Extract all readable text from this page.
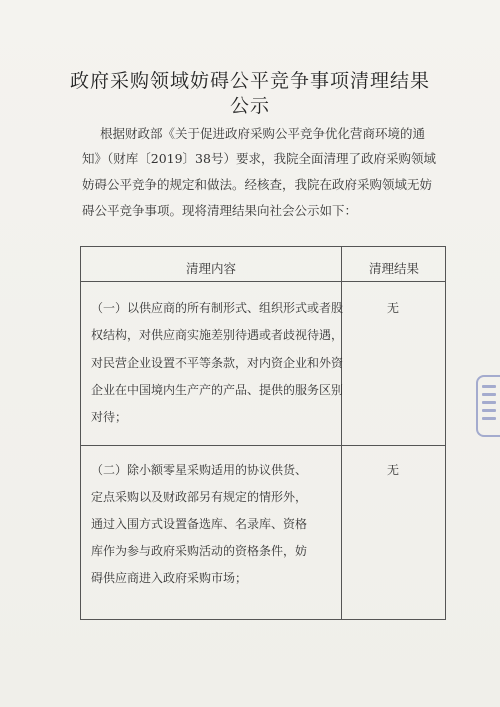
政府采购领域妨碍公平竞争事项清理结果
公示
根据财政部《关于促进政府采购公平竞争优化营商环境的通
知》（财库〔2019〕38号）要求，我院全面清理了政府采购领域
妨碍公平竞争的规定和做法。经核查，我院在政府采购领域无妨
碍公平竞争事项。现将清理结果向社会公示如下：
清理内容	清理结果
（一）以供应商的所有制形式、组织形式或者股
权结构，对供应商实施差别待遇或者歧视待遇，
对民营企业设置不平等条款，对内资企业和外资
企业在中国境内生产产的产品、提供的服务区别
对待；
无
（二）除小额零星采购适用的协议供货、
定点采购以及财政部另有规定的情形外，
通过入围方式设置备选库、名录库、资格
库作为参与政府采购活动的资格条件，妨
碍供应商进入政府采购市场；
无
